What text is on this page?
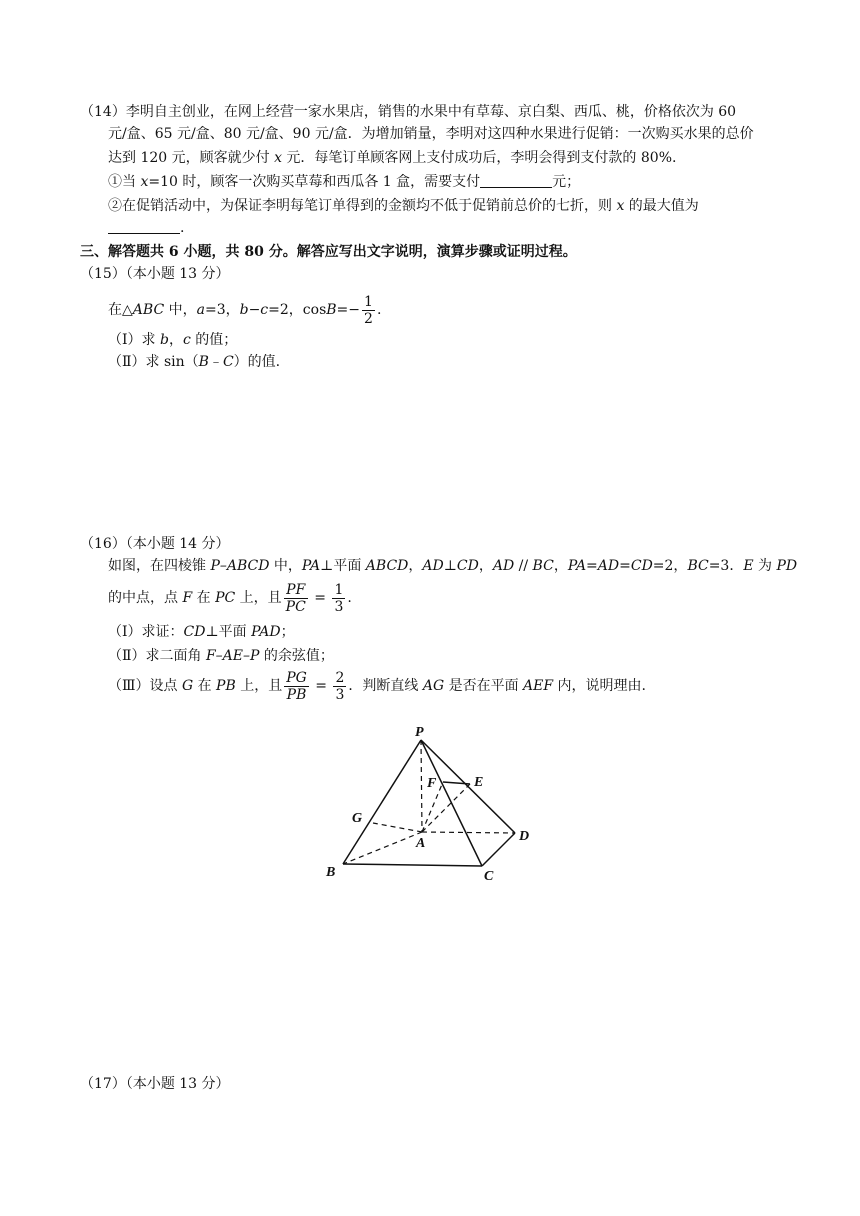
（14）李明自主创业，在网上经营一家水果店，销售的水果中有草莓、京白梨、西瓜、桃，价格依次为 60
元/盒、65 元/盒、80 元/盒、90 元/盒．为增加销量，李明对这四种水果进行促销：一次购买水果的总价
达到 120 元，顾客就少付 x 元．每笔订单顾客网上支付成功后，李明会得到支付款的 80%.
①当 x=10 时，顾客一次购买草莓和西瓜各 1 盒，需要支付	元；
②在促销活动中，为保证李明每笔订单得到的金额均不低于促销前总价的七折，则 x 的最大值为
.
三、解答题共 6 小题，共 80 分。解答应写出文字说明，演算步骤或证明过程。
（15）（本小题 13 分）
在△ABC 中，a=3，b−c=2，$\cos B=- \frac{1}{2}$ .
（Ⅰ）求 b，c 的值；
（Ⅱ）求 sin（B﹣C）的值.
（16）（本小题 14 分）
如图，在四棱锥 P–ABCD 中，PA⊥平面 ABCD，AD⊥CD，AD // BC，PA=AD=CD=2，BC=3．E 为 PD
的中点，点 F 在 PC 上，且 $\frac{PF}{PC} = \frac{1}{3}$ .
（Ⅰ）求证：CD⊥平面 PAD；
（Ⅱ）求二面角 F–AE–P 的余弦值；
（Ⅲ）设点 G 在 PB 上，且 $\frac{PG}{PB} = \frac{2}{3}$ ．判断直线 AG 是否在平面 AEF 内，说明理由.
P
E
F
G
A	D
B	C
（17）（本小题 13 分）
